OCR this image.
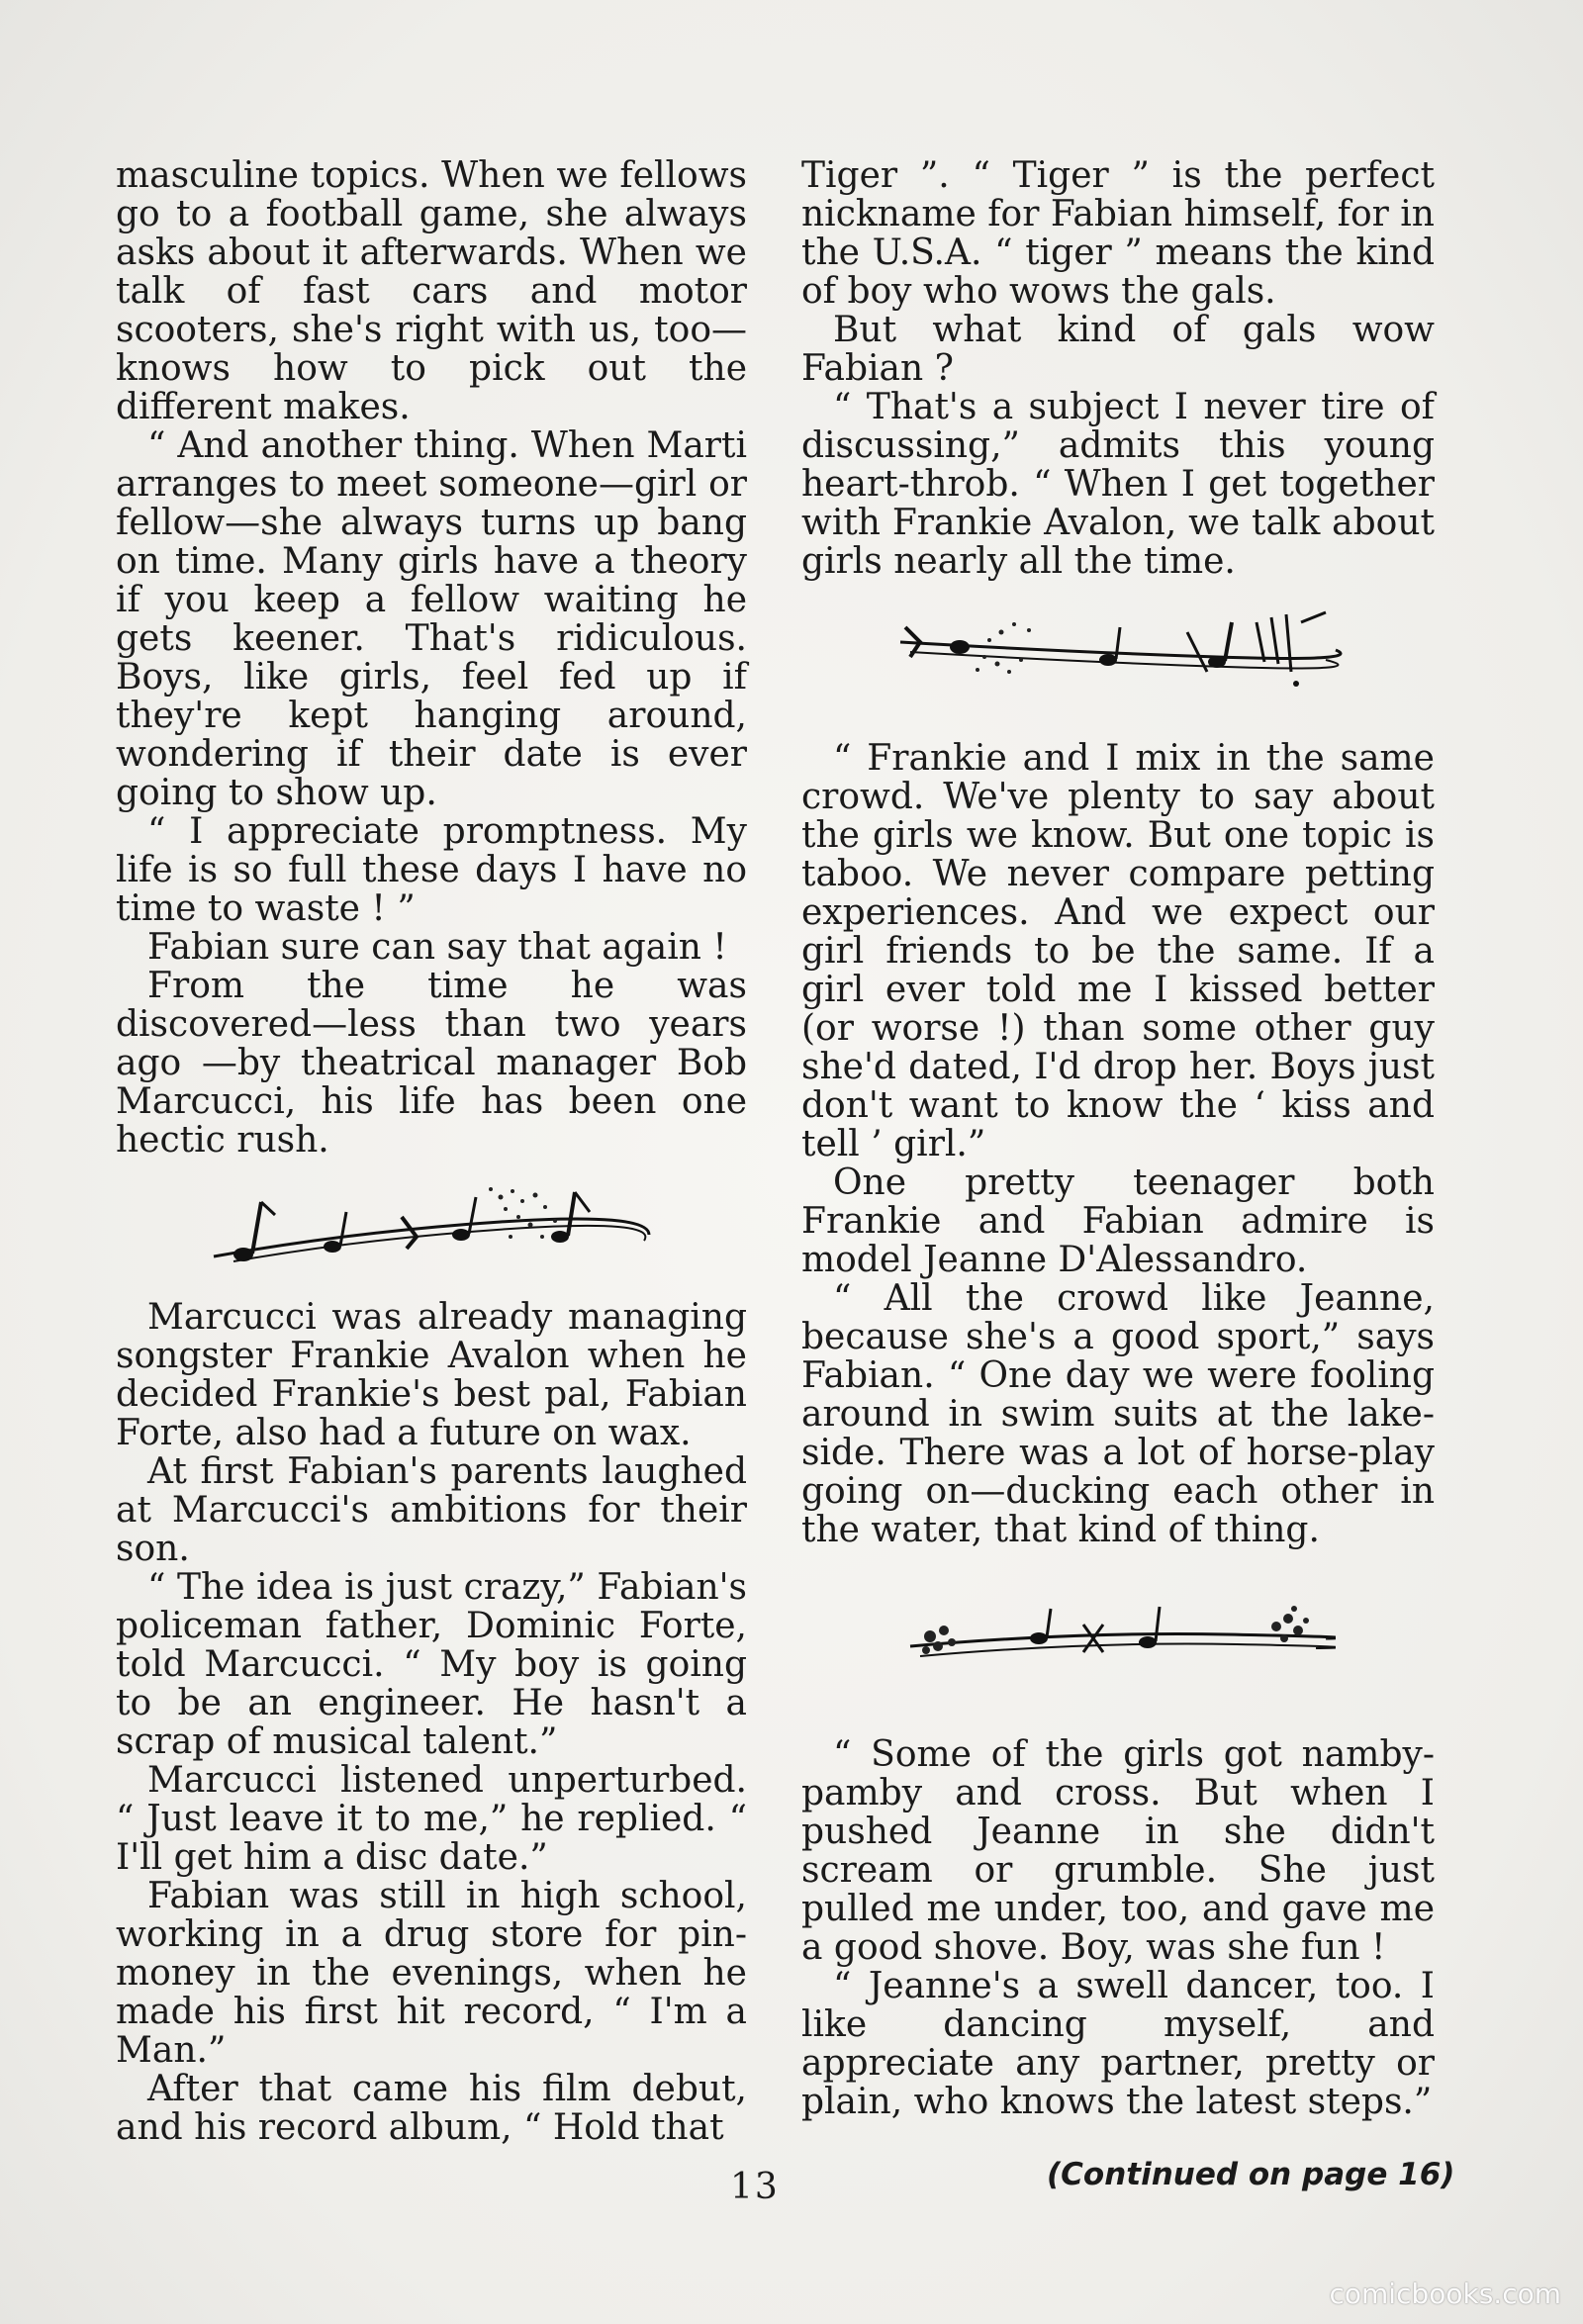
masculine topics. When we fellows go to a football game, she always asks about it afterwards. When we talk of fast cars and motor scooters, she's right with us, too—knows how to pick out the different makes.

“ And another thing. When Marti arranges to meet someone—girl or fellow—she always turns up bang on time. Many girls have a theory if you keep a fellow waiting he gets keener. That's ridiculous. Boys, like girls, feel fed up if they're kept hanging around, wondering if their date is ever going to show up.

“ I appreciate promptness. My life is so full these days I have no time to waste ! ”

Fabian sure can say that again !

From the time he was discovered—less than two years ago —by theatrical manager Bob Marcucci, his life has been one hectic rush.

Marcucci was already managing songster Frankie Avalon when he decided Frankie's best pal, Fabian Forte, also had a future on wax.

At first Fabian's parents laughed at Marcucci's ambitions for their son.

“ The idea is just crazy,” Fabian's policeman father, Dominic Forte, told Marcucci. “ My boy is going to be an engineer. He hasn't a scrap of musical talent.”

Marcucci listened unperturbed. “ Just leave it to me,” he replied. “ I'll get him a disc date.”

Fabian was still in high school, working in a drug store for pin-money in the evenings, when he made his first hit record, “ I'm a Man.”

After that came his film debut, and his record album, “ Hold that

Tiger ”. “ Tiger ” is the perfect nickname for Fabian himself, for in the U.S.A. “ tiger ” means the kind of boy who wows the gals.

But what kind of gals wow Fabian ?

“ That's a subject I never tire of discussing,” admits this young heart-throb. “ When I get together with Frankie Avalon, we talk about girls nearly all the time.

“ Frankie and I mix in the same crowd. We've plenty to say about the girls we know. But one topic is taboo. We never compare petting experiences. And we expect our girl friends to be the same. If a girl ever told me I kissed better (or worse !) than some other guy she'd dated, I'd drop her. Boys just don't want to know the ‘ kiss and tell ’ girl.”

One pretty teenager both Frankie and Fabian admire is model Jeanne D'Alessandro.

“ All the crowd like Jeanne, because she's a good sport,” says Fabian. “ One day we were fooling around in swim suits at the lake-side. There was a lot of horse-play going on—ducking each other in the water, that kind of thing.

“ Some of the girls got namby-pamby and cross. But when I pushed Jeanne in she didn't scream or grumble. She just pulled me under, too, and gave me a good shove. Boy, was she fun !

“ Jeanne's a swell dancer, too. I like dancing myself, and appreciate any partner, pretty or plain, who knows the latest steps.”

13	(Continued on page 16)
comicbooks.com
